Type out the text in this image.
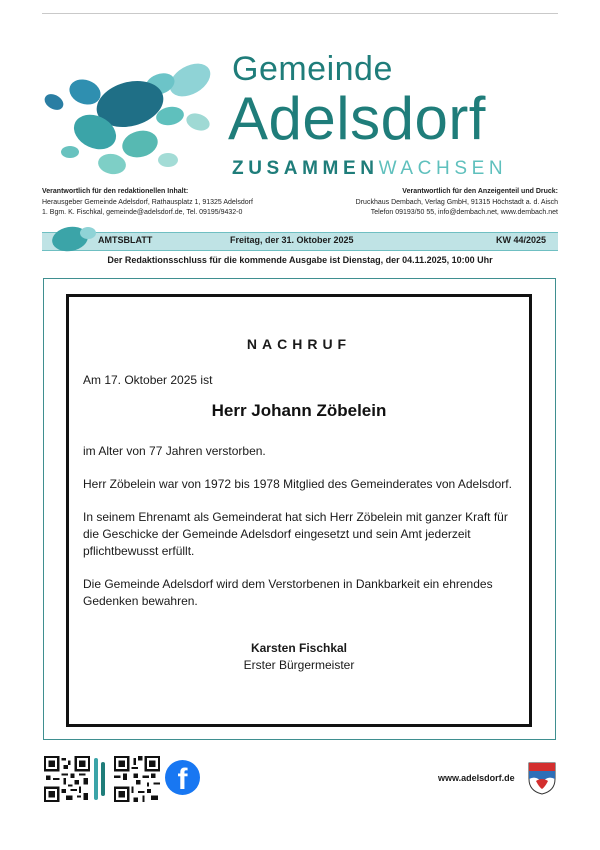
Gemeinde
Adelsdorf
ZUSAMMENWACHSEN
Verantwortlich für den redaktionellen Inhalt:
Herausgeber Gemeinde Adelsdorf, Rathausplatz 1, 91325 Adelsdorf
1. Bgm. K. Fischkal, gemeinde@adelsdorf.de, Tel. 09195/9432-0
Verantwortlich für den Anzeigenteil und Druck:
Druckhaus Dembach, Verlag GmbH, 91315 Höchstadt a. d. Aisch
Telefon 09193/50 55, info@dembach.net, www.dembach.net
AMTSBLATT	Freitag, der 31. Oktober 2025	KW 44/2025
Der Redaktionsschluss für die kommende Ausgabe ist Dienstag, der 04.11.2025, 10:00 Uhr
NACHRUF
Am 17. Oktober 2025 ist
Herr Johann Zöbelein
im Alter von 77 Jahren verstorben.
Herr Zöbelein war von 1972 bis 1978 Mitglied des Gemeinderates von Adelsdorf.
In seinem Ehrenamt als Gemeinderat hat sich Herr Zöbelein mit ganzer Kraft für die Geschicke der Gemeinde Adelsdorf eingesetzt und sein Amt jederzeit pflichtbewusst erfüllt.
Die Gemeinde Adelsdorf wird dem Verstorbenen in Dankbarkeit ein ehrendes Gedenken bewahren.
Karsten Fischkal
Erster Bürgermeister
f	www.adelsdorf.de
